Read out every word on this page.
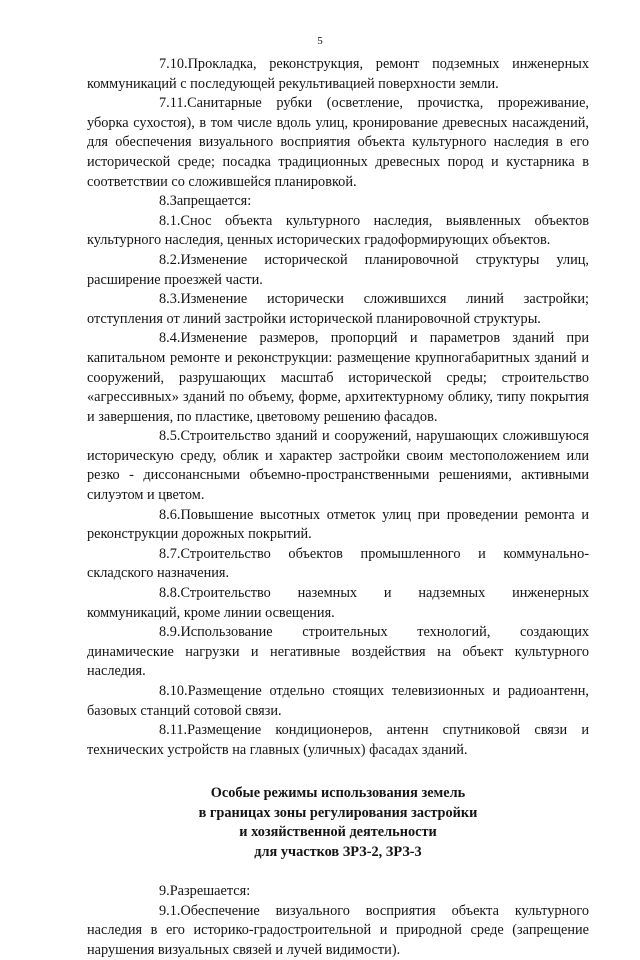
5

7.10.Прокладка, реконструкция, ремонт подземных инженерных коммуникаций с последующей рекультивацией поверхности земли.

7.11.Санитарные рубки (осветление, прочистка, прореживание, уборка сухостоя), в том числе вдоль улиц, кронирование древесных насаждений, для обеспечения визуального восприятия объекта культурного наследия в его исторической среде; посадка традиционных древесных пород и кустарника в соответствии со сложившейся планировкой.

8.Запрещается:

8.1.Снос объекта культурного наследия, выявленных объектов культурного наследия, ценных исторических градоформирующих объектов.

8.2.Изменение исторической планировочной структуры улиц, расширение проезжей части.

8.3.Изменение исторически сложившихся линий застройки; отступления от линий застройки исторической планировочной структуры.

8.4.Изменение размеров, пропорций и параметров зданий при капитальном ремонте и реконструкции: размещение крупногабаритных зданий и сооружений, разрушающих масштаб исторической среды; строительство «агрессивных» зданий по объему, форме, архитектурному облику, типу покрытия и завершения, по пластике, цветовому решению фасадов.

8.5.Строительство зданий и сооружений, нарушающих сложившуюся историческую среду, облик и характер застройки своим местоположением или резко - диссонансными объемно-пространственными решениями, активными силуэтом и цветом.

8.6.Повышение высотных отметок улиц при проведении ремонта и реконструкции дорожных покрытий.

8.7.Строительство объектов промышленного и коммунально-складского назначения.

8.8.Строительство наземных и надземных инженерных коммуникаций, кроме линии освещения.

8.9.Использование строительных технологий, создающих динамические нагрузки и негативные воздействия на объект культурного наследия.

8.10.Размещение отдельно стоящих телевизионных и радиоантенн, базовых станций сотовой связи.

8.11.Размещение кондиционеров, антенн спутниковой связи и технических устройств на главных (уличных) фасадах зданий.

Особые режимы использования земель
в границах зоны регулирования застройки
и хозяйственной деятельности
для участков ЗРЗ-2, ЗРЗ-3

9.Разрешается:

9.1.Обеспечение визуального восприятия объекта культурного наследия в его историко-градостроительной и природной среде (запрещение нарушения визуальных связей и лучей видимости).
